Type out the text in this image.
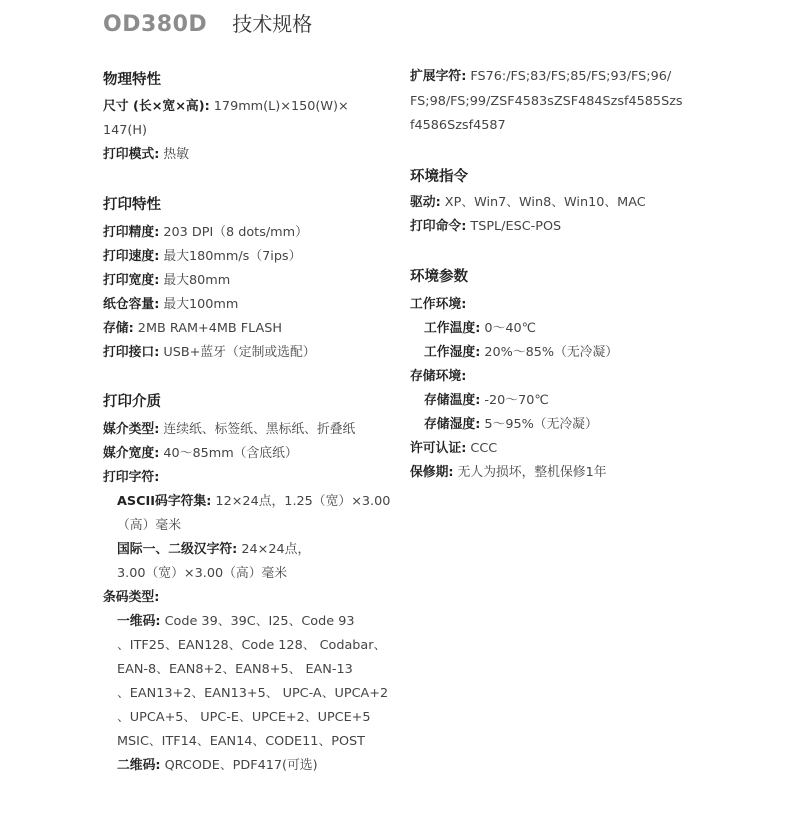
OD380D 技术规格
物理特性
尺寸 (长×宽×高): 179mm(L)×150(W)×
147(H)
打印模式: 热敏
打印特性
打印精度: 203 DPI（8 dots/mm）
打印速度: 最大180mm/s（7ips）
打印宽度: 最大80mm
纸仓容量: 最大100mm
存储: 2MB RAM+4MB FLASH
打印接口: USB+蓝牙（定制或选配）
打印介质
媒介类型: 连续纸、标签纸、黑标纸、折叠纸
媒介宽度: 40～85mm（含底纸）
打印字符:
ASCII码字符集: 12×24点，1.25（宽）×3.00
（高）毫米
国际一、二级汉字符: 24×24点，
3.00（宽）×3.00（高）毫米
条码类型:
一维码: Code 39、39C、I25、Code 93
、ITF25、EAN128、Code 128、 Codabar、
EAN-8、EAN8+2、EAN8+5、 EAN-13
、EAN13+2、EAN13+5、 UPC-A、UPCA+2
、UPCA+5、 UPC-E、UPCE+2、UPCE+5
MSIC、ITF14、EAN14、CODE11、POST
二维码: QRCODE、PDF417(可选)
扩展字符: FS76:/FS;83/FS;85/FS;93/FS;96/
FS;98/FS;99/ZSF4583sZSF484Szsf4585Szs
f4586Szsf4587
环境指令
驱动: XP、Win7、Win8、Win10、MAC
打印命令: TSPL/ESC-POS
环境参数
工作环境:
工作温度: 0～40℃
工作湿度: 20%～85%（无冷凝）
存储环境:
存储温度: -20～70℃
存储湿度: 5～95%（无冷凝）
许可认证: CCC
保修期: 无人为损坏，整机保修1年
